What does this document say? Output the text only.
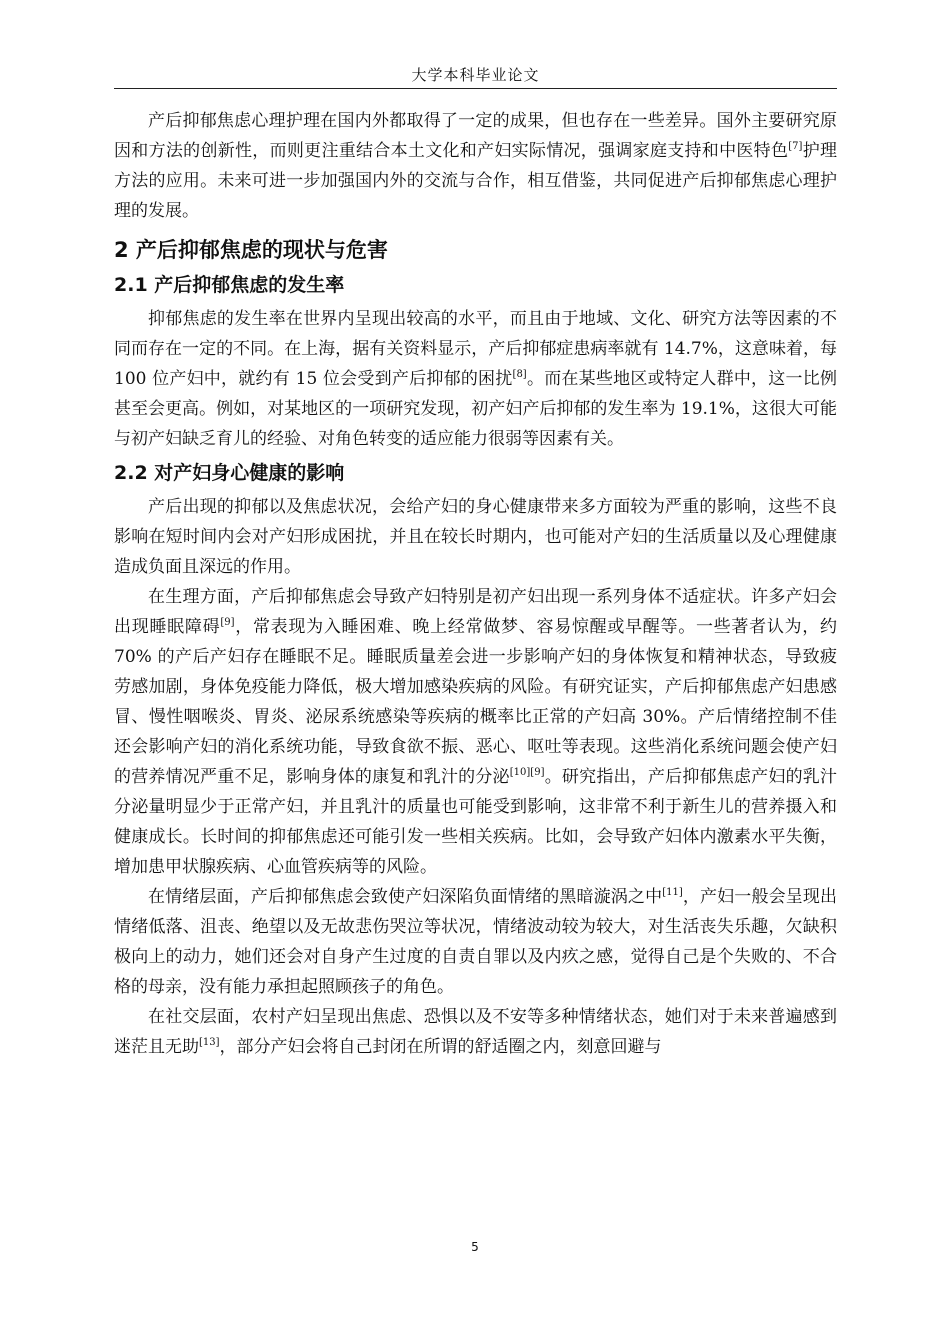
大学本科毕业论文

产后抑郁焦虑心理护理在国内外都取得了一定的成果，但也存在一些差异。国外主要研究原因和方法的创新性，而则更注重结合本土文化和产妇实际情况，强调家庭支持和中医特色[7]护理方法的应用。未来可进一步加强国内外的交流与合作，相互借鉴，共同促进产后抑郁焦虑心理护理的发展。

2 产后抑郁焦虑的现状与危害
2.1 产后抑郁焦虑的发生率

抑郁焦虑的发生率在世界内呈现出较高的水平，而且由于地域、文化、研究方法等因素的不同而存在一定的不同。在上海，据有关资料显示，产后抑郁症患病率就有 14.7%，这意味着，每 100 位产妇中，就约有 15 位会受到产后抑郁的困扰[8]。而在某些地区或特定人群中，这一比例甚至会更高。例如，对某地区的一项研究发现，初产妇产后抑郁的发生率为 19.1%，这很大可能与初产妇缺乏育儿的经验、对角色转变的适应能力很弱等因素有关。

2.2 对产妇身心健康的影响

产后出现的抑郁以及焦虑状况，会给产妇的身心健康带来多方面较为严重的影响，这些不良影响在短时间内会对产妇形成困扰，并且在较长时期内，也可能对产妇的生活质量以及心理健康造成负面且深远的作用。

在生理方面，产后抑郁焦虑会导致产妇特别是初产妇出现一系列身体不适症状。许多产妇会出现睡眠障碍[9]，常表现为入睡困难、晚上经常做梦、容易惊醒或早醒等。一些著者认为，约 70% 的产后产妇存在睡眠不足。睡眠质量差会进一步影响产妇的身体恢复和精神状态，导致疲劳感加剧，身体免疫能力降低，极大增加感染疾病的风险。有研究证实，产后抑郁焦虑产妇患感冒、慢性咽喉炎、胃炎、泌尿系统感染等疾病的概率比正常的产妇高 30%。产后情绪控制不佳还会影响产妇的消化系统功能，导致食欲不振、恶心、呕吐等表现。这些消化系统问题会使产妇的营养情况严重不足，影响身体的康复和乳汁的分泌[10][9]。研究指出，产后抑郁焦虑产妇的乳汁分泌量明显少于正常产妇，并且乳汁的质量也可能受到影响，这非常不利于新生儿的营养摄入和健康成长。长时间的抑郁焦虑还可能引发一些相关疾病。比如，会导致产妇体内激素水平失衡，增加患甲状腺疾病、心血管疾病等的风险。

在情绪层面，产后抑郁焦虑会致使产妇深陷负面情绪的黑暗漩涡之中[11]，产妇一般会呈现出情绪低落、沮丧、绝望以及无故悲伤哭泣等状况，情绪波动较为较大，对生活丧失乐趣，欠缺积极向上的动力，她们还会对自身产生过度的自责自罪以及内疚之感，觉得自己是个失败的、不合格的母亲，没有能力承担起照顾孩子的角色。

在社交层面，农村产妇呈现出焦虑、恐惧以及不安等多种情绪状态，她们对于未来普遍感到迷茫且无助[13]，部分产妇会将自己封闭在所谓的舒适圈之内，刻意回避与

5
